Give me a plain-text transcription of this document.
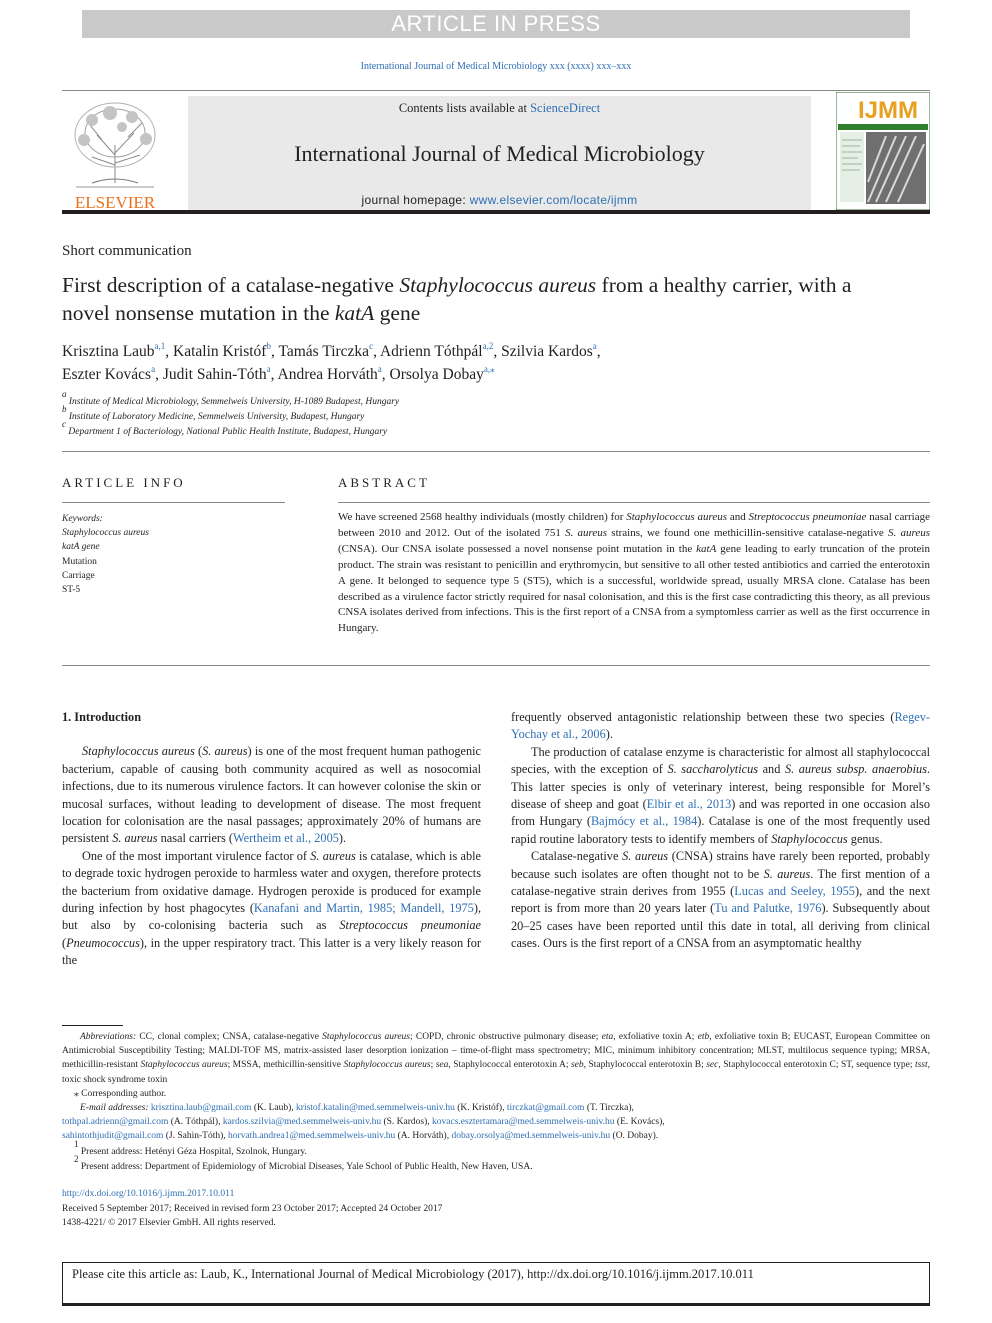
ARTICLE IN PRESS
International Journal of Medical Microbiology xxx (xxxx) xxx–xxx
ELSEVIER
Contents lists available at ScienceDirect
International Journal of Medical Microbiology
journal homepage: www.elsevier.com/locate/ijmm
IJMM
Short communication
First description of a catalase-negative Staphylococcus aureus from a healthy carrier, with a novel nonsense mutation in the katA gene
Krisztina Laub$^{a,1}$, Katalin Kristóf$^b$, Tamás Tirczka$^c$, Adrienn Tóthpál$^{a,2}$, Szilvia Kardos$^a$,
Eszter Kovács$^a$, Judit Sahin-Tóth$^a$, Andrea Horváth$^a$, Orsolya Dobay$^{a,⁎}$
$^a$ Institute of Medical Microbiology, Semmelweis University, H-1089 Budapest, Hungary
$^b$ Institute of Laboratory Medicine, Semmelweis University, Budapest, Hungary
$^c$ Department 1 of Bacteriology, National Public Health Institute, Budapest, Hungary
ARTICLE INFO
Keywords:
Staphylococcus aureus
katA gene
Mutation
Carriage
ST-5
ABSTRACT
We have screened 2568 healthy individuals (mostly children) for Staphylococcus aureus and Streptococcus pneumoniae nasal carriage between 2010 and 2012. Out of the isolated 751 S. aureus strains, we found one methicillin-sensitive catalase-negative S. aureus (CNSA). Our CNSA isolate possessed a novel nonsense point mutation in the katA gene leading to early truncation of the protein product. The strain was resistant to penicillin and erythromycin, but sensitive to all other tested antibiotics and carried the enterotoxin A gene. It belonged to sequence type 5 (ST5), which is a successful, worldwide spread, usually MRSA clone. Catalase has been described as a virulence factor strictly required for nasal colonisation, and this is the first case contradicting this theory, as all previous CNSA isolates derived from infections. This is the first report of a CNSA from a symptomless carrier as well as the first occurrence in Hungary.
1. Introduction

Staphylococcus aureus (S. aureus) is one of the most frequent human pathogenic bacterium, capable of causing both community acquired as well as nosocomial infections, due to its numerous virulence factors. It can however colonise the skin or mucosal surfaces, without leading to development of disease. The most frequent location for colonisation are the nasal passages; approximately 20% of humans are persistent S. aureus nasal carriers (Wertheim et al., 2005).

One of the most important virulence factor of S. aureus is catalase, which is able to degrade toxic hydrogen peroxide to harmless water and oxygen, therefore protects the bacterium from oxidative damage. Hydrogen peroxide is produced for example during infection by host phagocytes (Kanafani and Martin, 1985; Mandell, 1975), but also by co-colonising bacteria such as Streptococcus pneumoniae (Pneumococcus), in the upper respiratory tract. This latter is a very likely reason for the

frequently observed antagonistic relationship between these two species (Regev-Yochay et al., 2006).

The production of catalase enzyme is characteristic for almost all staphylococcal species, with the exception of S. saccharolyticus and S. aureus subsp. anaerobius. This latter species is only of veterinary interest, being responsible for Morel’s disease of sheep and goat (Elbir et al., 2013) and was reported in one occasion also from Hungary (Bajmócy et al., 1984). Catalase is one of the most frequently used rapid routine laboratory tests to identify members of Staphylococcus genus.

Catalase-negative S. aureus (CNSA) strains have rarely been reported, probably because such isolates are often thought not to be S. aureus. The first mention of a catalase-negative strain derives from 1955 (Lucas and Seeley, 1955), and the next report is from more than 20 years later (Tu and Palutke, 1976). Subsequently about 20–25 cases have been reported until this date in total, all deriving from clinical cases. Ours is the first report of a CNSA from an asymptomatic healthy

Abbreviations: CC, clonal complex; CNSA, catalase-negative Staphylococcus aureus; COPD, chronic obstructive pulmonary disease; eta, exfoliative toxin A; etb, exfoliative toxin B; EUCAST, European Committee on Antimicrobial Susceptibility Testing; MALDI-TOF MS, matrix-assisted laser desorption ionization – time-of-flight mass spectrometry; MIC, minimum inhibitory concentration; MLST, multilocus sequence typing; MRSA, methicillin-resistant Staphylococcus aureus; MSSA, methicillin-sensitive Staphylococcus aureus; sea, Staphylococcal enterotoxin A; seb, Staphylococcal enterotoxin B; sec, Staphylococcal enterotoxin C; ST, sequence type; tsst, toxic shock syndrome toxin

⁎ Corresponding author.

E-mail addresses: krisztina.laub@gmail.com (K. Laub), kristof.katalin@med.semmelweis-univ.hu (K. Kristóf), tirczkat@gmail.com (T. Tirczka),
tothpal.adrienn@gmail.com (A. Tóthpál), kardos.szilvia@med.semmelweis-univ.hu (S. Kardos), kovacs.esztertamara@med.semmelweis-univ.hu (E. Kovács),
sahintothjudit@gmail.com (J. Sahin-Tóth), horvath.andrea1@med.semmelweis-univ.hu (A. Horváth), dobay.orsolya@med.semmelweis-univ.hu (O. Dobay).

$^1$ Present address: Hetényi Géza Hospital, Szolnok, Hungary.

$^2$ Present address: Department of Epidemiology of Microbial Diseases, Yale School of Public Health, New Haven, USA.

http://dx.doi.org/10.1016/j.ijmm.2017.10.011
Received 5 September 2017; Received in revised form 23 October 2017; Accepted 24 October 2017
1438-4221/ © 2017 Elsevier GmbH. All rights reserved.
Please cite this article as: Laub, K., International Journal of Medical Microbiology (2017), http://dx.doi.org/10.1016/j.ijmm.2017.10.011
